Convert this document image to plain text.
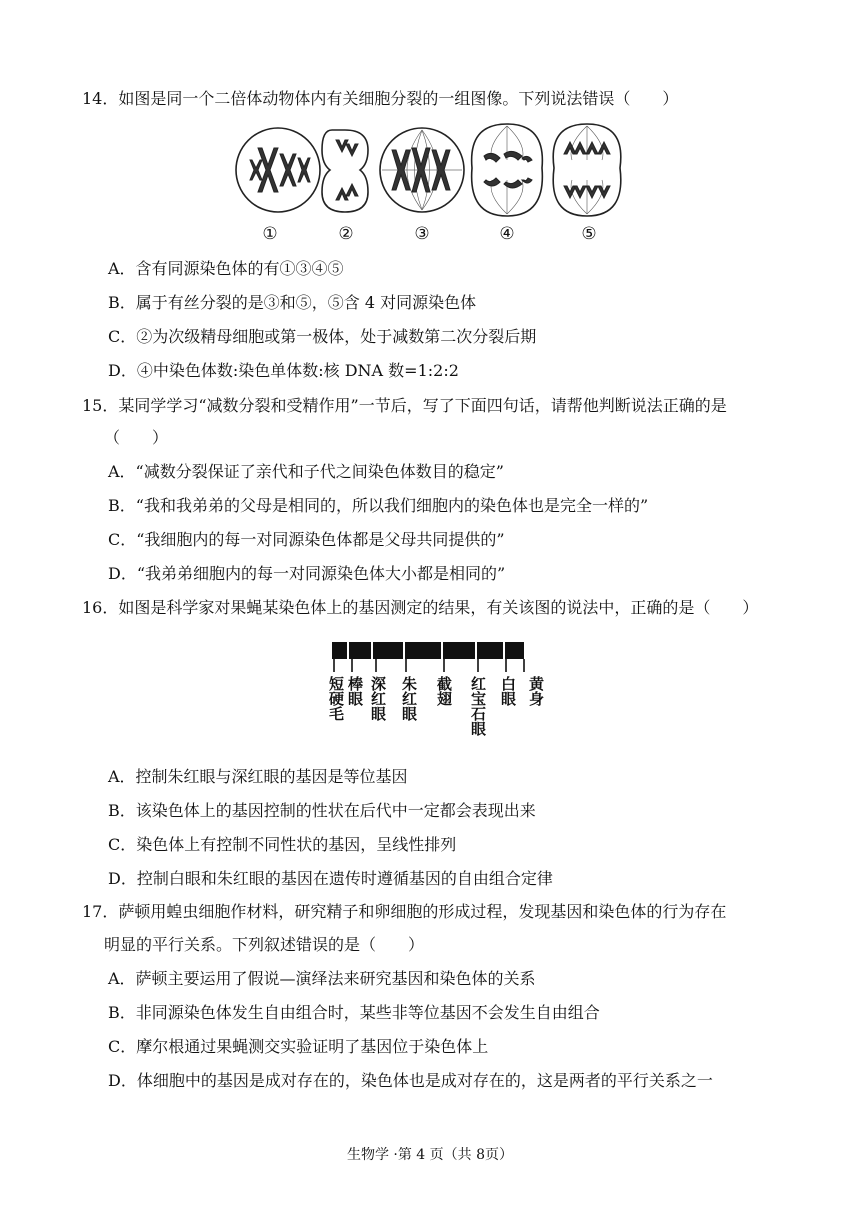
14．如图是同一个二倍体动物体内有关细胞分裂的一组图像。下列说法错误（　　）
①	②	③	④	⑤
A．含有同源染色体的有①③④⑤
B．属于有丝分裂的是③和⑤，⑤含 4 对同源染色体
C．②为次级精母细胞或第一极体，处于减数第二次分裂后期
D．④中染色体数:染色单体数:核 DNA 数=1:2:2
15．某同学学习“减数分裂和受精作用”一节后，写了下面四句话，请帮他判断说法正确的是
（　　）
A．“减数分裂保证了亲代和子代之间染色体数目的稳定”
B．“我和我弟弟的父母是相同的，所以我们细胞内的染色体也是完全一样的”
C．“我细胞内的每一对同源染色体都是父母共同提供的”
D．“我弟弟细胞内的每一对同源染色体大小都是相同的”
16．如图是科学家对果蝇某染色体上的基因测定的结果，有关该图的说法中，正确的是（　　）
短硬毛 棒眼 深红眼 朱红眼 截翅 红宝石眼 白眼 黄身
A．控制朱红眼与深红眼的基因是等位基因
B．该染色体上的基因控制的性状在后代中一定都会表现出来
C．染色体上有控制不同性状的基因，呈线性排列
D．控制白眼和朱红眼的基因在遗传时遵循基因的自由组合定律
17．萨顿用蝗虫细胞作材料，研究精子和卵细胞的形成过程，发现基因和染色体的行为存在
明显的平行关系。下列叙述错误的是（　　）
A．萨顿主要运用了假说—演绎法来研究基因和染色体的关系
B．非同源染色体发生自由组合时，某些非等位基因不会发生自由组合
C．摩尔根通过果蝇测交实验证明了基因位于染色体上
D．体细胞中的基因是成对存在的，染色体也是成对存在的，这是两者的平行关系之一
生物学 ·第 4 页（共 8页）
